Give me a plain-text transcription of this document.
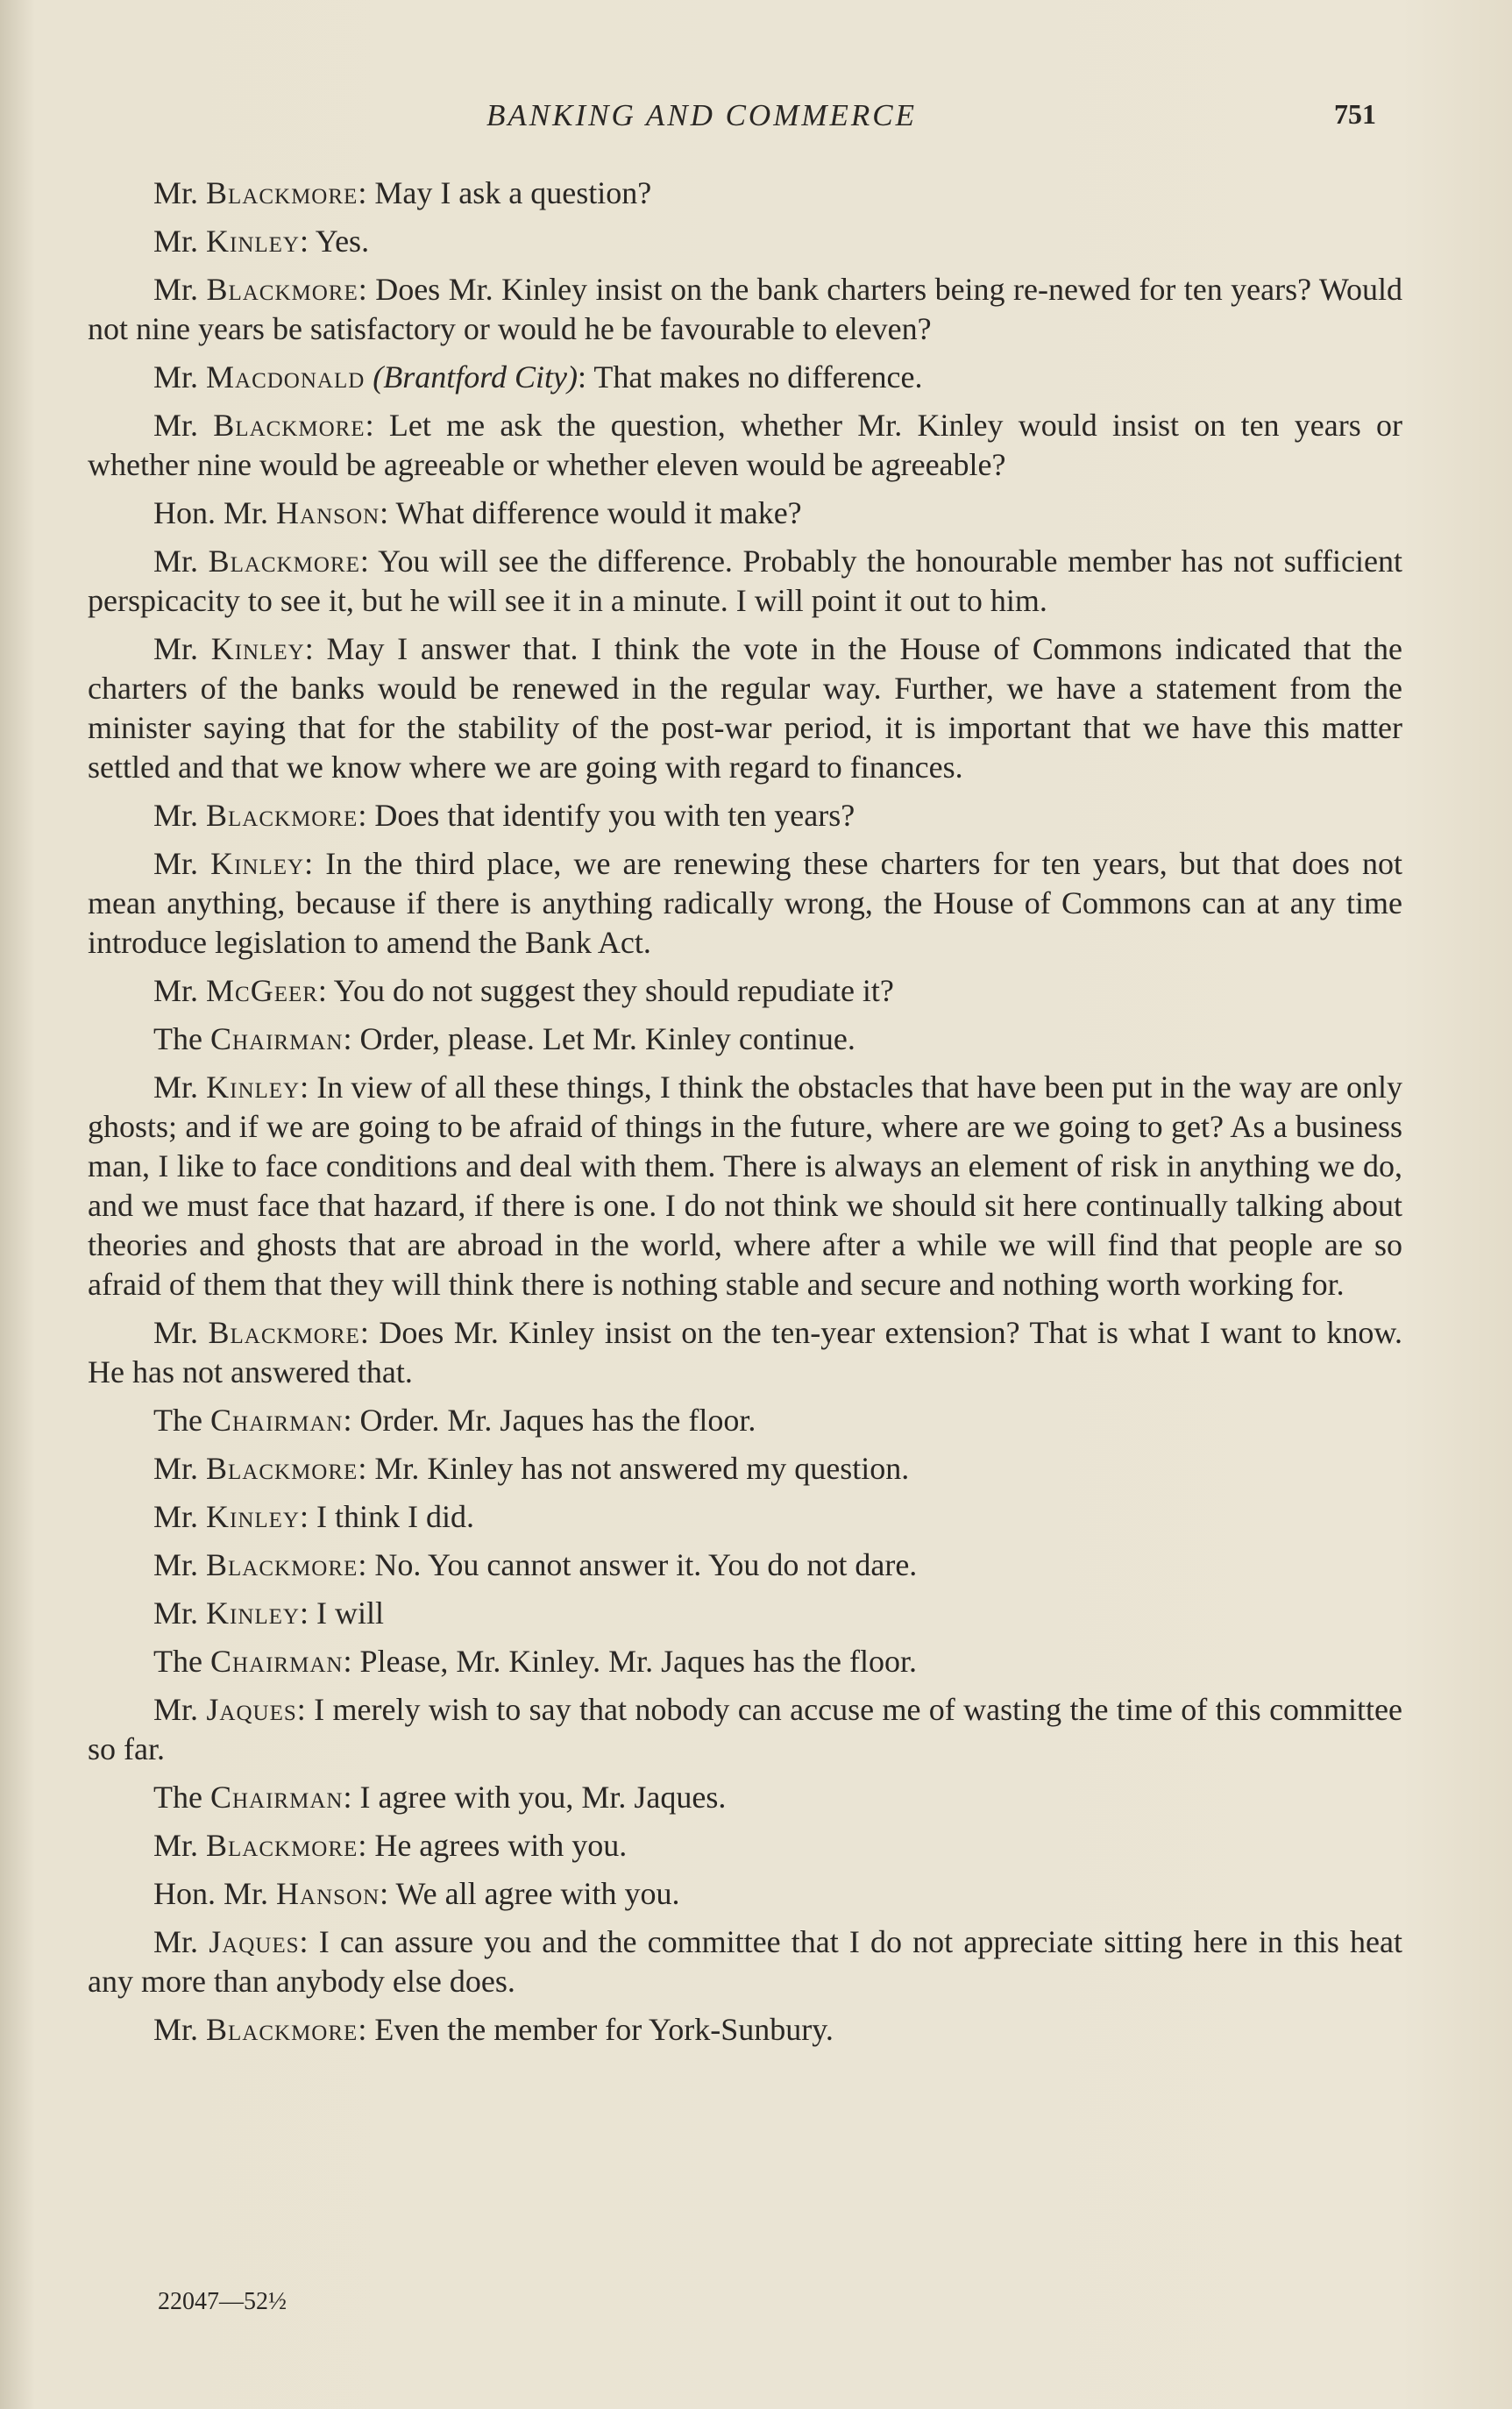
BANKING AND COMMERCE	751

Mr. Blackmore: May I ask a question?

Mr. Kinley: Yes.

Mr. Blackmore: Does Mr. Kinley insist on the bank charters being re-newed for ten years? Would not nine years be satisfactory or would he be favourable to eleven?

Mr. Macdonald (Brantford City): That makes no difference.

Mr. Blackmore: Let me ask the question, whether Mr. Kinley would insist on ten years or whether nine would be agreeable or whether eleven would be agreeable?

Hon. Mr. Hanson: What difference would it make?

Mr. Blackmore: You will see the difference. Probably the honourable member has not sufficient perspicacity to see it, but he will see it in a minute. I will point it out to him.

Mr. Kinley: May I answer that. I think the vote in the House of Commons indicated that the charters of the banks would be renewed in the regular way. Further, we have a statement from the minister saying that for the stability of the post-war period, it is important that we have this matter settled and that we know where we are going with regard to finances.

Mr. Blackmore: Does that identify you with ten years?

Mr. Kinley: In the third place, we are renewing these charters for ten years, but that does not mean anything, because if there is anything radically wrong, the House of Commons can at any time introduce legislation to amend the Bank Act.

Mr. McGeer: You do not suggest they should repudiate it?

The Chairman: Order, please. Let Mr. Kinley continue.

Mr. Kinley: In view of all these things, I think the obstacles that have been put in the way are only ghosts; and if we are going to be afraid of things in the future, where are we going to get? As a business man, I like to face conditions and deal with them. There is always an element of risk in anything we do, and we must face that hazard, if there is one. I do not think we should sit here continually talking about theories and ghosts that are abroad in the world, where after a while we will find that people are so afraid of them that they will think there is nothing stable and secure and nothing worth working for.

Mr. Blackmore: Does Mr. Kinley insist on the ten-year extension? That is what I want to know. He has not answered that.

The Chairman: Order. Mr. Jaques has the floor.

Mr. Blackmore: Mr. Kinley has not answered my question.

Mr. Kinley: I think I did.

Mr. Blackmore: No. You cannot answer it. You do not dare.

Mr. Kinley: I will

The Chairman: Please, Mr. Kinley. Mr. Jaques has the floor.

Mr. Jaques: I merely wish to say that nobody can accuse me of wasting the time of this committee so far.

The Chairman: I agree with you, Mr. Jaques.

Mr. Blackmore: He agrees with you.

Hon. Mr. Hanson: We all agree with you.

Mr. Jaques: I can assure you and the committee that I do not appreciate sitting here in this heat any more than anybody else does.

Mr. Blackmore: Even the member for York-Sunbury.

22047—52½
